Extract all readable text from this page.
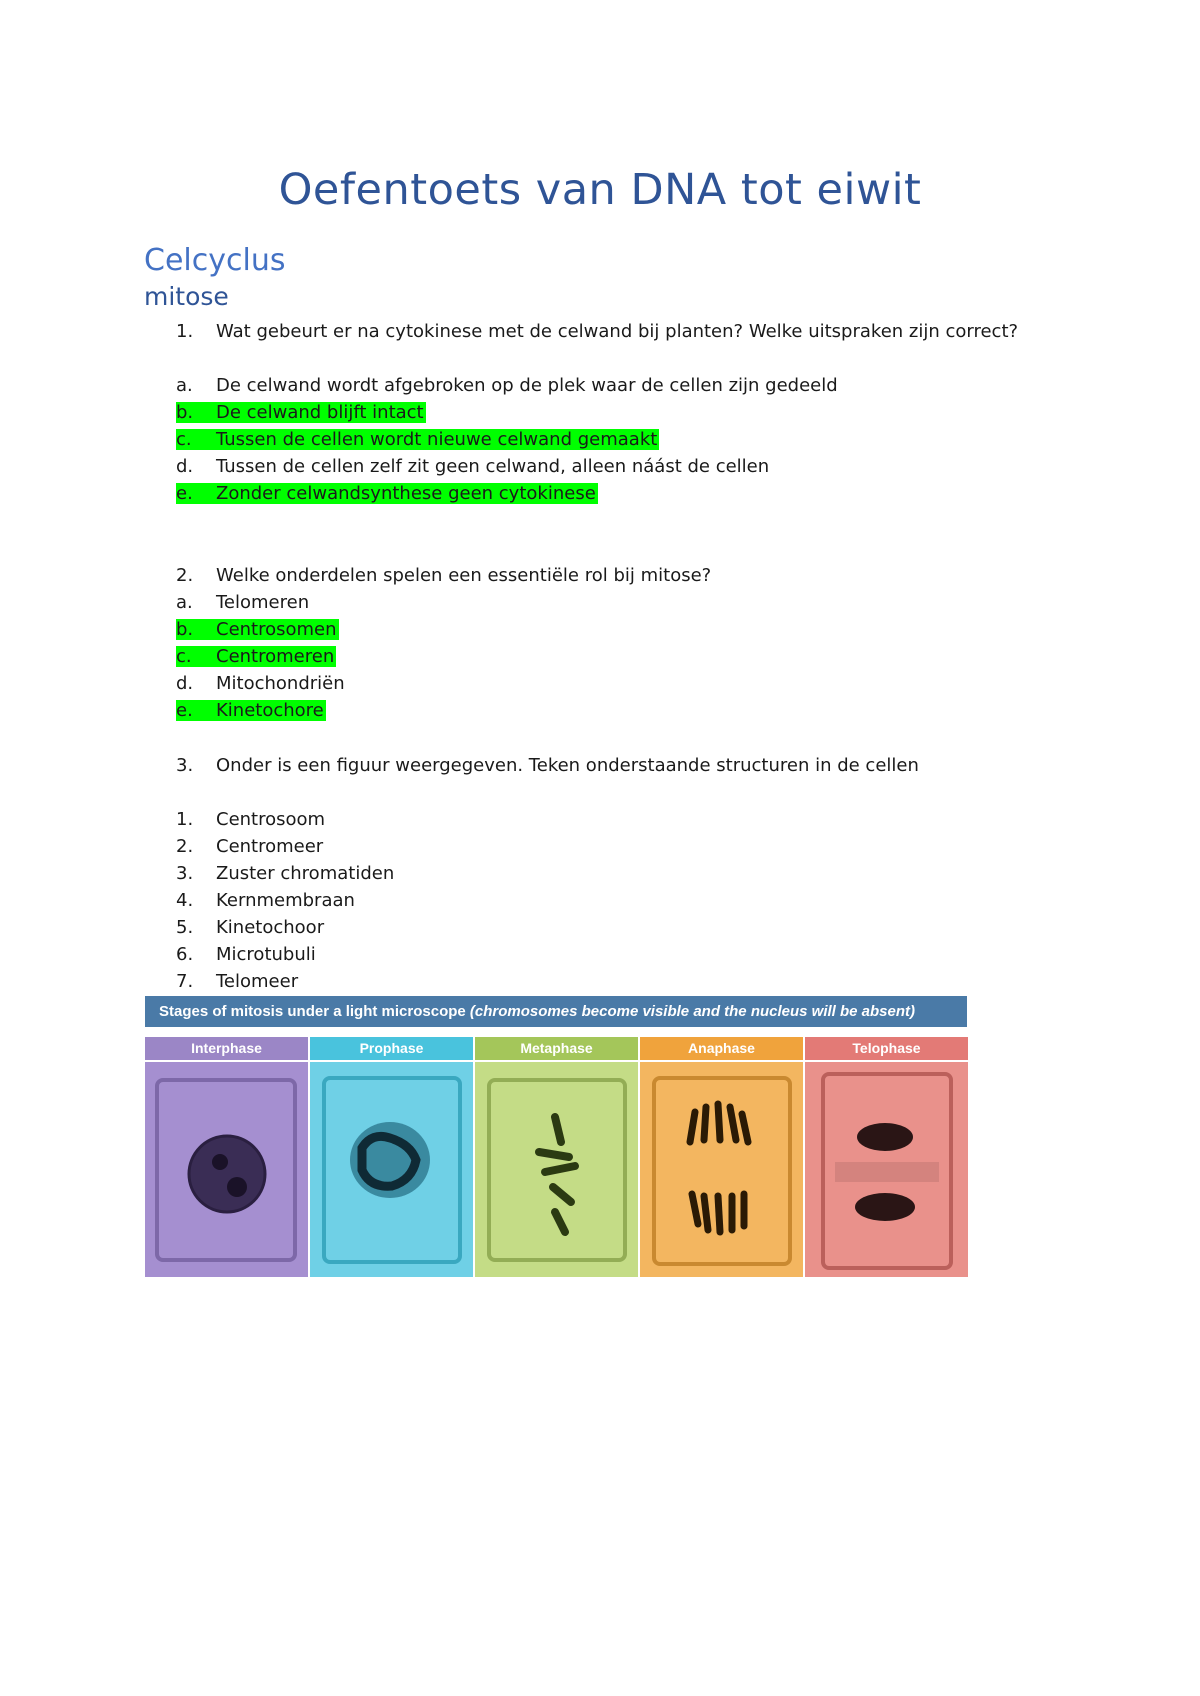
Oefentoets van DNA tot eiwit
Celcyclus
mitose
1. Wat gebeurt er na cytokinese met de celwand bij planten? Welke uitspraken zijn correct?
a. De celwand wordt afgebroken op de plek waar de cellen zijn gedeeld
b. De celwand blijft intact
c. Tussen de cellen wordt nieuwe celwand gemaakt
d. Tussen de cellen zelf zit geen celwand, alleen náást de cellen
e. Zonder celwandsynthese geen cytokinese
2. Welke onderdelen spelen een essentiële rol bij mitose?
a. Telomeren
b. Centrosomen
c. Centromeren
d. Mitochondriën
e. Kinetochore
3. Onder is een figuur weergegeven. Teken onderstaande structuren in de cellen
1. Centrosoom
2. Centromeer
3. Zuster chromatiden
4. Kernmembraan
5. Kinetochoor
6. Microtubuli
7. Telomeer
Stages of mitosis under a light microscope (chromosomes become visible and the nucleus will be absent)
Interphase	Prophase	Metaphase	Anaphase	Telophase
